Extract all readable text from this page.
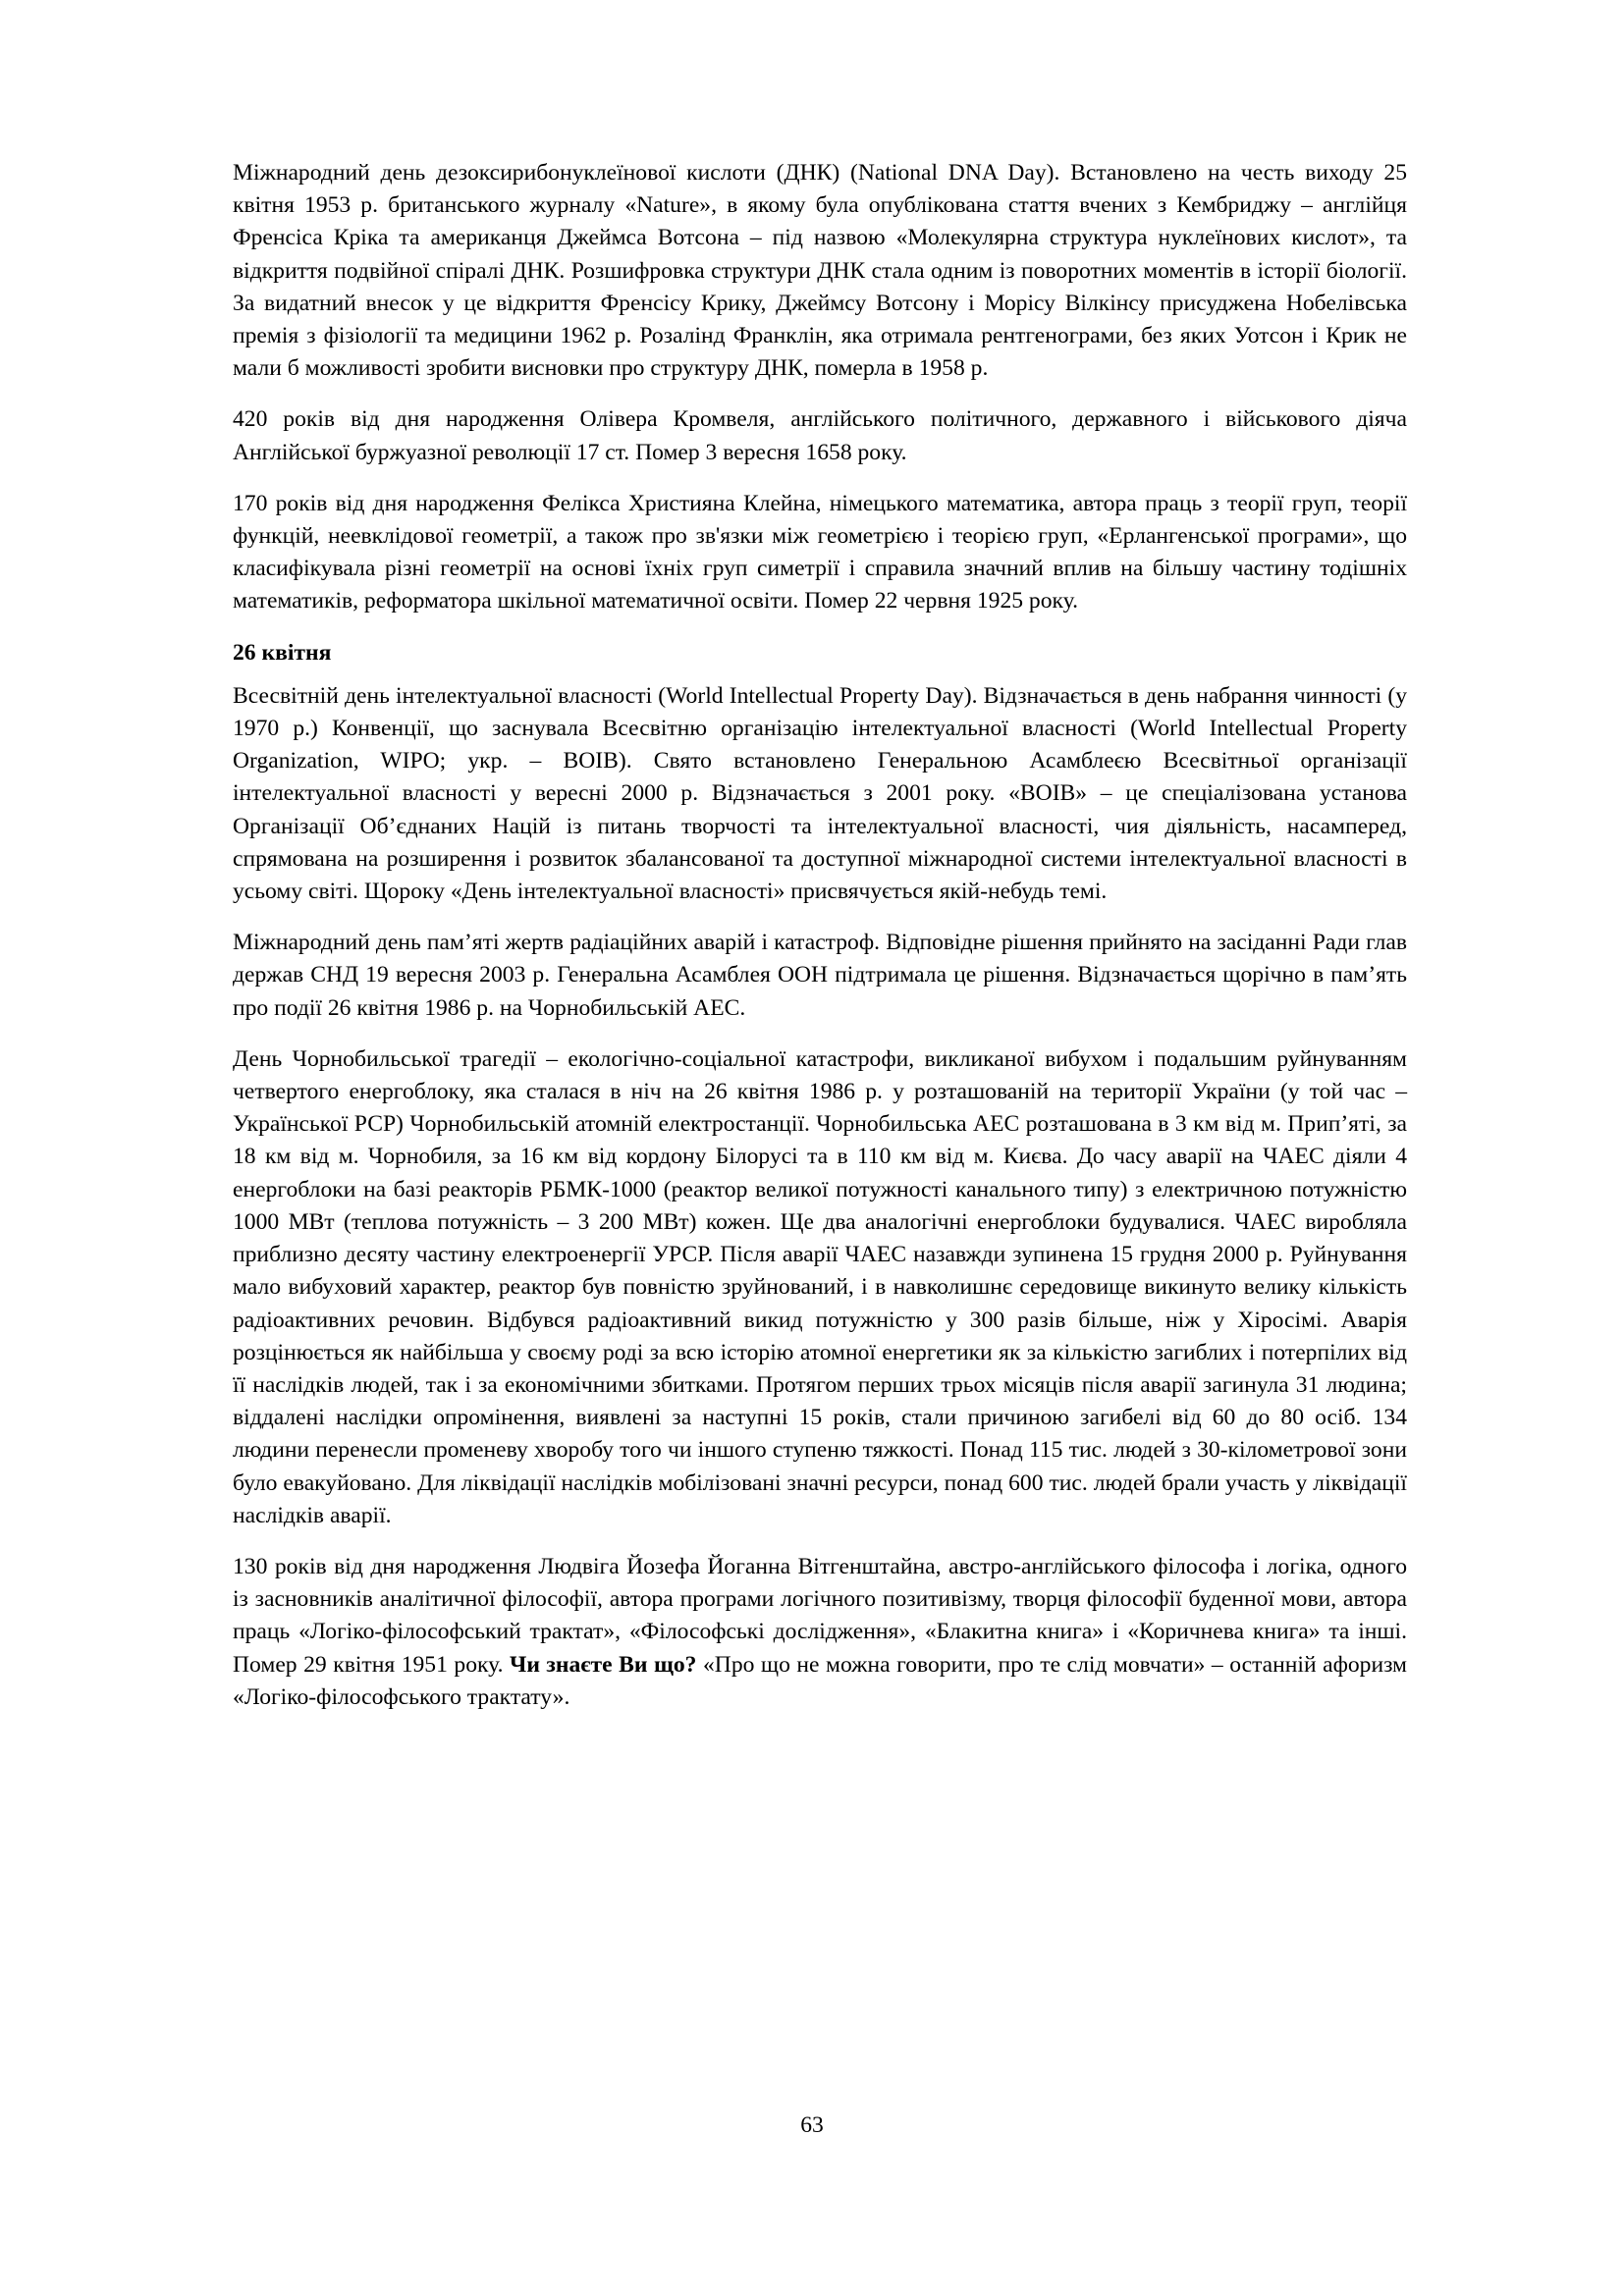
Міжнародний день дезоксирибонуклеїнової кислоти (ДНК) (National DNA Day). Встановлено на честь виходу 25 квітня 1953 р. британського журналу «Nature», в якому була опублікована стаття вчених з Кембриджу – англійця Френсіса Кріка та американця Джеймса Вотсона – під назвою «Молекулярна структура нуклеїнових кислот», та відкриття подвійної спіралі ДНК. Розшифровка структури ДНК стала одним із поворотних моментів в історії біології. За видатний внесок у це відкриття Френсісу Крику, Джеймсу Вотсону і Морісу Вілкінсу присуджена Нобелівська премія з фізіології та медицини 1962 р. Розалінд Франклін, яка отримала рентгенограми, без яких Уотсон і Крик не мали б можливості зробити висновки про структуру ДНК, померла в 1958 р.

420 років від дня народження Олівера Кромвеля, англійського політичного, державного і військового діяча Англійської буржуазної революції 17 ст. Помер 3 вересня 1658 року.

170 років від дня народження Фелікса Християна Клейна, німецького математика, автора праць з теорії груп, теорії функцій, неевклідової геометрії, а також про зв'язки між геометрією і теорією груп, «Ерлангенської програми», що класифікувала різні геометрії на основі їхніх груп симетрії і справила значний вплив на більшу частину тодішніх математиків, реформатора шкільної математичної освіти. Помер 22 червня 1925 року.

26 квітня

Всесвітній день інтелектуальної власності (World Intellectual Property Day). Відзначається в день набрання чинності (у 1970 р.) Конвенції, що заснувала Всесвітню організацію інтелектуальної власності (World Intellectual Property Organization, WIPO; укр. – ВОІВ). Свято встановлено Генеральною Асамблеєю Всесвітньої організації інтелектуальної власності у вересні 2000 р. Відзначається з 2001 року. «ВОІВ» – це спеціалізована установа Організації Об’єднаних Націй із питань творчості та інтелектуальної власності, чия діяльність, насамперед, спрямована на розширення і розвиток збалансованої та доступної міжнародної системи інтелектуальної власності в усьому світі. Щороку «День інтелектуальної власності» присвячується якій-небудь темі.

Міжнародний день пам’яті жертв радіаційних аварій і катастроф. Відповідне рішення прийнято на засіданні Ради глав держав СНД 19 вересня 2003 р. Генеральна Асамблея ООН підтримала це рішення. Відзначається щорічно в пам’ять про події 26 квітня 1986 р. на Чорнобильській АЕС.

День Чорнобильської трагедії – екологічно-соціальної катастрофи, викликаної вибухом і подальшим руйнуванням четвертого енергоблоку, яка сталася в ніч на 26 квітня 1986 р. у розташованій на території України (у той час – Української РСР) Чорнобильській атомній електростанції. Чорнобильська АЕС розташована в 3 км від м. Прип’яті, за 18 км від м. Чорнобиля, за 16 км від кордону Білорусі та в 110 км від м. Києва. До часу аварії на ЧАЕС діяли 4 енергоблоки на базі реакторів РБМК-1000 (реактор великої потужності канального типу) з електричною потужністю 1000 МВт (теплова потужність – 3 200 МВт) кожен. Ще два аналогічні енергоблоки будувалися. ЧАЕС виробляла приблизно десяту частину електроенергії УРСР. Після аварії ЧАЕС назавжди зупинена 15 грудня 2000 р. Руйнування мало вибуховий характер, реактор був повністю зруйнований, і в навколишнє середовище викинуто велику кількість радіоактивних речовин. Відбувся радіоактивний викид потужністю у 300 разів більше, ніж у Хіросімі. Аварія розцінюється як найбільша у своєму роді за всю історію атомної енергетики як за кількістю загиблих і потерпілих від її наслідків людей, так і за економічними збитками. Протягом перших трьох місяців після аварії загинула 31 людина; віддалені наслідки опромінення, виявлені за наступні 15 років, стали причиною загибелі від 60 до 80 осіб. 134 людини перенесли променеву хворобу того чи іншого ступеню тяжкості. Понад 115 тис. людей з 30-кілометрової зони було евакуйовано. Для ліквідації наслідків мобілізовані значні ресурси, понад 600 тис. людей брали участь у ліквідації наслідків аварії.

130 років від дня народження Людвіга Йозефа Йоганна Вітгенштайна, австро-англійського філософа і логіка, одного із засновників аналітичної філософії, автора програми логічного позитивізму, творця філософії буденної мови, автора праць «Логіко-філософський трактат», «Філософські дослідження», «Блакитна книга» і «Коричнева книга» та інші. Помер 29 квітня 1951 року. Чи знаєте Ви що? «Про що не можна говорити, про те слід мовчати» – останній афоризм «Логіко-філософського трактату».

63
